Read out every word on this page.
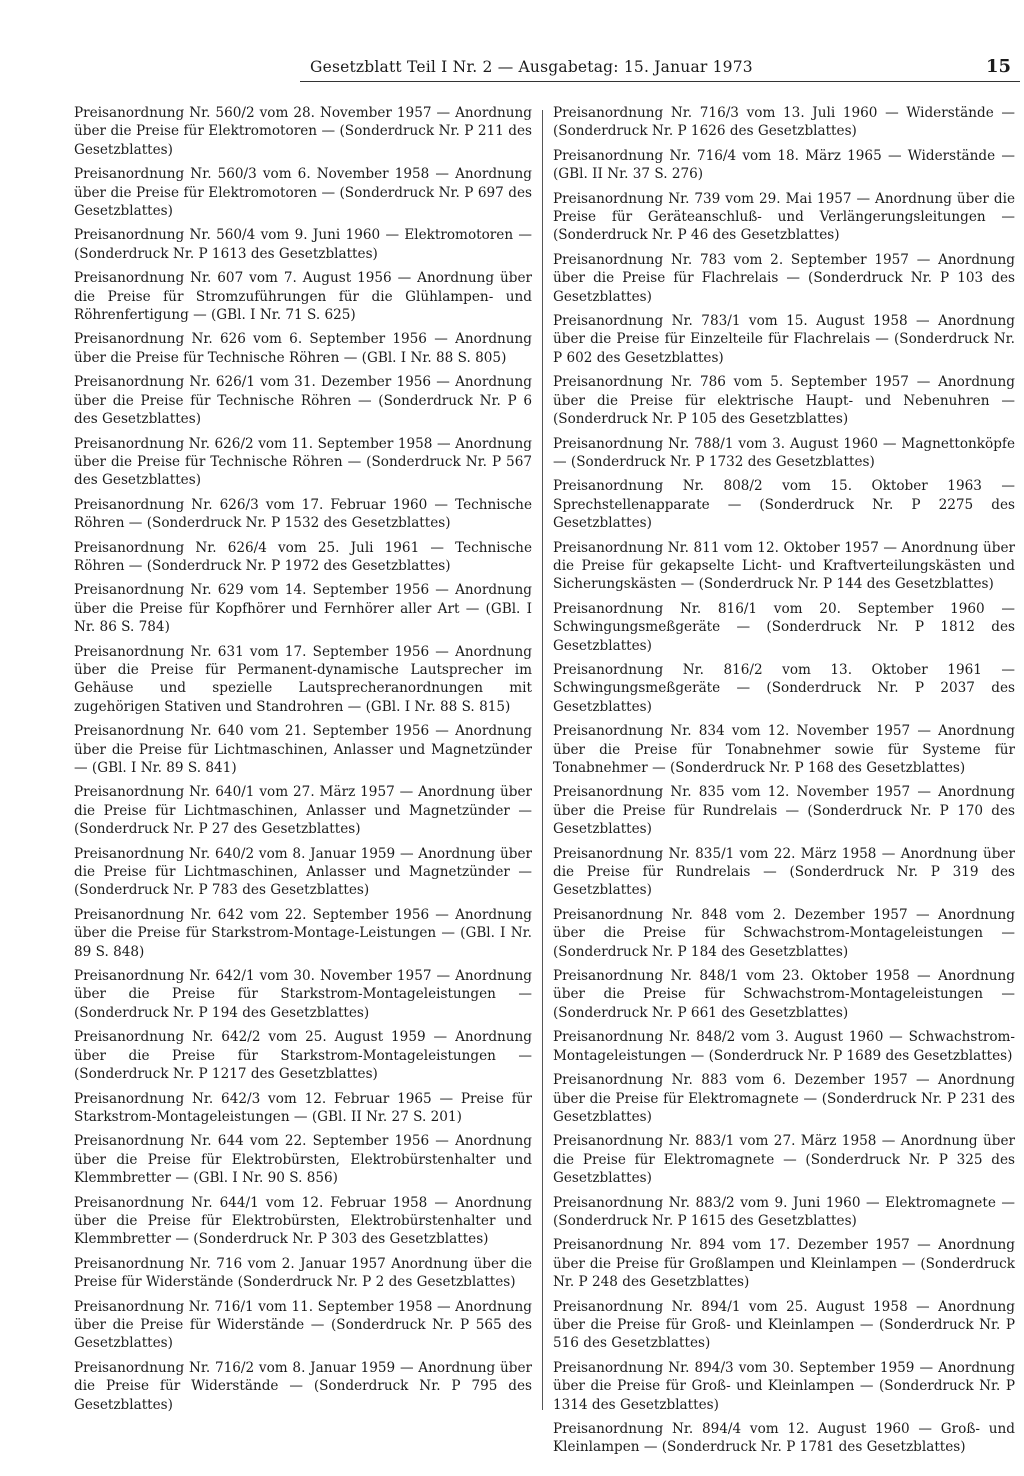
Gesetzblatt Teil I Nr. 2 — Ausgabetag: 15. Januar 1973	15

Preisanordnung Nr. 560/2 vom 28. November 1957 — Anordnung über die Preise für Elektromotoren — (Sonderdruck Nr. P 211 des Gesetzblattes)

Preisanordnung Nr. 560/3 vom 6. November 1958 — Anordnung über die Preise für Elektromotoren — (Sonderdruck Nr. P 697 des Gesetzblattes)

Preisanordnung Nr. 560/4 vom 9. Juni 1960 — Elektromotoren — (Sonderdruck Nr. P 1613 des Gesetzblattes)

Preisanordnung Nr. 607 vom 7. August 1956 — Anordnung über die Preise für Stromzuführungen für die Glühlampen- und Röhrenfertigung — (GBl. I Nr. 71 S. 625)

Preisanordnung Nr. 626 vom 6. September 1956 — Anordnung über die Preise für Technische Röhren — (GBl. I Nr. 88 S. 805)

Preisanordnung Nr. 626/1 vom 31. Dezember 1956 — Anordnung über die Preise für Technische Röhren — (Sonderdruck Nr. P 6 des Gesetzblattes)

Preisanordnung Nr. 626/2 vom 11. September 1958 — Anordnung über die Preise für Technische Röhren — (Sonderdruck Nr. P 567 des Gesetzblattes)

Preisanordnung Nr. 626/3 vom 17. Februar 1960 — Technische Röhren — (Sonderdruck Nr. P 1532 des Gesetzblattes)

Preisanordnung Nr. 626/4 vom 25. Juli 1961 — Technische Röhren — (Sonderdruck Nr. P 1972 des Gesetzblattes)

Preisanordnung Nr. 629 vom 14. September 1956 — Anordnung über die Preise für Kopfhörer und Fernhörer aller Art — (GBl. I Nr. 86 S. 784)

Preisanordnung Nr. 631 vom 17. September 1956 — Anordnung über die Preise für Permanent-dynamische Lautsprecher im Gehäuse und spezielle Lautsprecheranordnungen mit zugehörigen Stativen und Standrohren — (GBl. I Nr. 88 S. 815)

Preisanordnung Nr. 640 vom 21. September 1956 — Anordnung über die Preise für Lichtmaschinen, Anlasser und Magnetzünder — (GBl. I Nr. 89 S. 841)

Preisanordnung Nr. 640/1 vom 27. März 1957 — Anordnung über die Preise für Lichtmaschinen, Anlasser und Magnetzünder — (Sonderdruck Nr. P 27 des Gesetzblattes)

Preisanordnung Nr. 640/2 vom 8. Januar 1959 — Anordnung über die Preise für Lichtmaschinen, Anlasser und Magnetzünder — (Sonderdruck Nr. P 783 des Gesetzblattes)

Preisanordnung Nr. 642 vom 22. September 1956 — Anordnung über die Preise für Starkstrom-Montage-Leistungen — (GBl. I Nr. 89 S. 848)

Preisanordnung Nr. 642/1 vom 30. November 1957 — Anordnung über die Preise für Starkstrom-Montageleistungen — (Sonderdruck Nr. P 194 des Gesetzblattes)

Preisanordnung Nr. 642/2 vom 25. August 1959 — Anordnung über die Preise für Starkstrom-Montageleistungen — (Sonderdruck Nr. P 1217 des Gesetzblattes)

Preisanordnung Nr. 642/3 vom 12. Februar 1965 — Preise für Starkstrom-Montageleistungen — (GBl. II Nr. 27 S. 201)

Preisanordnung Nr. 644 vom 22. September 1956 — Anordnung über die Preise für Elektrobürsten, Elektrobürstenhalter und Klemmbretter — (GBl. I Nr. 90 S. 856)

Preisanordnung Nr. 644/1 vom 12. Februar 1958 — Anordnung über die Preise für Elektrobürsten, Elektrobürstenhalter und Klemmbretter — (Sonderdruck Nr. P 303 des Gesetzblattes)

Preisanordnung Nr. 716 vom 2. Januar 1957 Anordnung über die Preise für Widerstände (Sonderdruck Nr. P 2 des Gesetzblattes)

Preisanordnung Nr. 716/1 vom 11. September 1958 — Anordnung über die Preise für Widerstände — (Sonderdruck Nr. P 565 des Gesetzblattes)

Preisanordnung Nr. 716/2 vom 8. Januar 1959 — Anordnung über die Preise für Widerstände — (Sonderdruck Nr. P 795 des Gesetzblattes)

Preisanordnung Nr. 716/3 vom 13. Juli 1960 — Widerstände — (Sonderdruck Nr. P 1626 des Gesetzblattes)

Preisanordnung Nr. 716/4 vom 18. März 1965 — Widerstände — (GBl. II Nr. 37 S. 276)

Preisanordnung Nr. 739 vom 29. Mai 1957 — Anordnung über die Preise für Geräteanschluß- und Verlängerungsleitungen — (Sonderdruck Nr. P 46 des Gesetzblattes)

Preisanordnung Nr. 783 vom 2. September 1957 — Anordnung über die Preise für Flachrelais — (Sonderdruck Nr. P 103 des Gesetzblattes)

Preisanordnung Nr. 783/1 vom 15. August 1958 — Anordnung über die Preise für Einzelteile für Flachrelais — (Sonderdruck Nr. P 602 des Gesetzblattes)

Preisanordnung Nr. 786 vom 5. September 1957 — Anordnung über die Preise für elektrische Haupt- und Nebenuhren — (Sonderdruck Nr. P 105 des Gesetzblattes)

Preisanordnung Nr. 788/1 vom 3. August 1960 — Magnettonköpfe — (Sonderdruck Nr. P 1732 des Gesetzblattes)

Preisanordnung Nr. 808/2 vom 15. Oktober 1963 — Sprechstellenapparate — (Sonderdruck Nr. P 2275 des Gesetzblattes)

Preisanordnung Nr. 811 vom 12. Oktober 1957 — Anordnung über die Preise für gekapselte Licht- und Kraftverteilungskästen und Sicherungskästen — (Sonderdruck Nr. P 144 des Gesetzblattes)

Preisanordnung Nr. 816/1 vom 20. September 1960 — Schwingungsmeßgeräte — (Sonderdruck Nr. P 1812 des Gesetzblattes)

Preisanordnung Nr. 816/2 vom 13. Oktober 1961 — Schwingungsmeßgeräte — (Sonderdruck Nr. P 2037 des Gesetzblattes)

Preisanordnung Nr. 834 vom 12. November 1957 — Anordnung über die Preise für Tonabnehmer sowie für Systeme für Tonabnehmer — (Sonderdruck Nr. P 168 des Gesetzblattes)

Preisanordnung Nr. 835 vom 12. November 1957 — Anordnung über die Preise für Rundrelais — (Sonderdruck Nr. P 170 des Gesetzblattes)

Preisanordnung Nr. 835/1 vom 22. März 1958 — Anordnung über die Preise für Rundrelais — (Sonderdruck Nr. P 319 des Gesetzblattes)

Preisanordnung Nr. 848 vom 2. Dezember 1957 — Anordnung über die Preise für Schwachstrom-Montageleistungen — (Sonderdruck Nr. P 184 des Gesetzblattes)

Preisanordnung Nr. 848/1 vom 23. Oktober 1958 — Anordnung über die Preise für Schwachstrom-Montageleistungen — (Sonderdruck Nr. P 661 des Gesetzblattes)

Preisanordnung Nr. 848/2 vom 3. August 1960 — Schwachstrom-Montageleistungen — (Sonderdruck Nr. P 1689 des Gesetzblattes)

Preisanordnung Nr. 883 vom 6. Dezember 1957 — Anordnung über die Preise für Elektromagnete — (Sonderdruck Nr. P 231 des Gesetzblattes)

Preisanordnung Nr. 883/1 vom 27. März 1958 — Anordnung über die Preise für Elektromagnete — (Sonderdruck Nr. P 325 des Gesetzblattes)

Preisanordnung Nr. 883/2 vom 9. Juni 1960 — Elektromagnete — (Sonderdruck Nr. P 1615 des Gesetzblattes)

Preisanordnung Nr. 894 vom 17. Dezember 1957 — Anordnung über die Preise für Großlampen und Kleinlampen — (Sonderdruck Nr. P 248 des Gesetzblattes)

Preisanordnung Nr. 894/1 vom 25. August 1958 — Anordnung über die Preise für Groß- und Kleinlampen — (Sonderdruck Nr. P 516 des Gesetzblattes)

Preisanordnung Nr. 894/3 vom 30. September 1959 — Anordnung über die Preise für Groß- und Kleinlampen — (Sonderdruck Nr. P 1314 des Gesetzblattes)

Preisanordnung Nr. 894/4 vom 12. August 1960 — Groß- und Kleinlampen — (Sonderdruck Nr. P 1781 des Gesetzblattes)
